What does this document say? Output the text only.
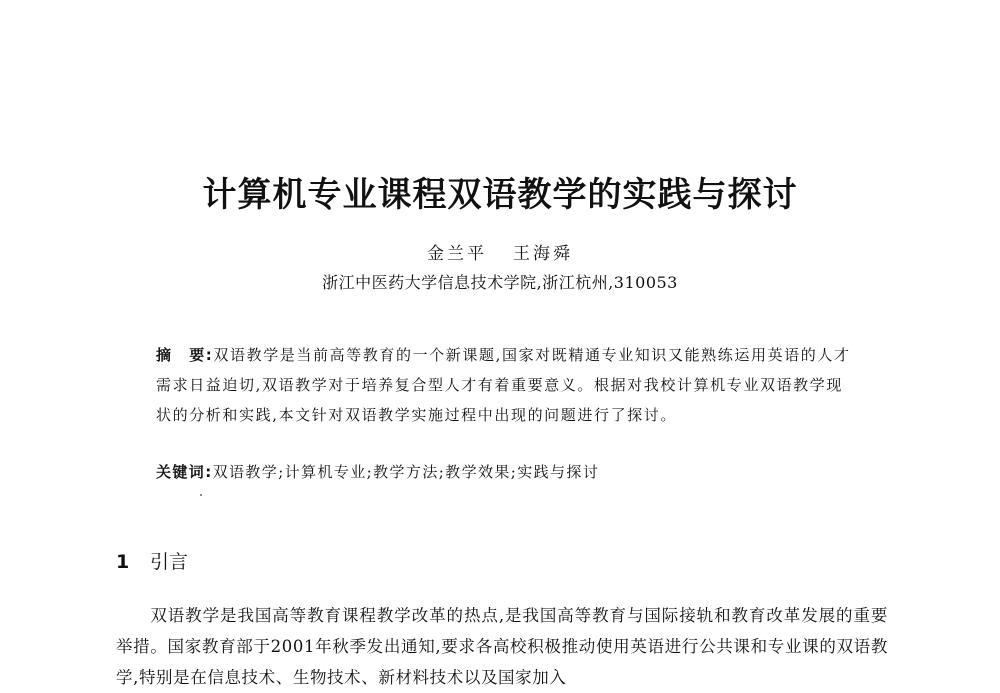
计算机专业课程双语教学的实践与探讨
金兰平 王海舜
浙江中医药大学信息技术学院,浙江杭州,310053
摘　要:双语教学是当前高等教育的一个新课题,国家对既精通专业知识又能熟练运用英语的人才需求日益迫切,双语教学对于培养复合型人才有着重要意义。根据对我校计算机专业双语教学现状的分析和实践,本文针对双语教学实施过程中出现的问题进行了探讨。
关键词:双语教学;计算机专业;教学方法;教学效果;实践与探讨
1 引言
双语教学是我国高等教育课程教学改革的热点,是我国高等教育与国际接轨和教育改革发展的重要举措。国家教育部于2001年秋季发出通知,要求各高校积极推动使用英语进行公共课和专业课的双语教学,特别是在信息技术、生物技术、新材料技术以及国家加入
